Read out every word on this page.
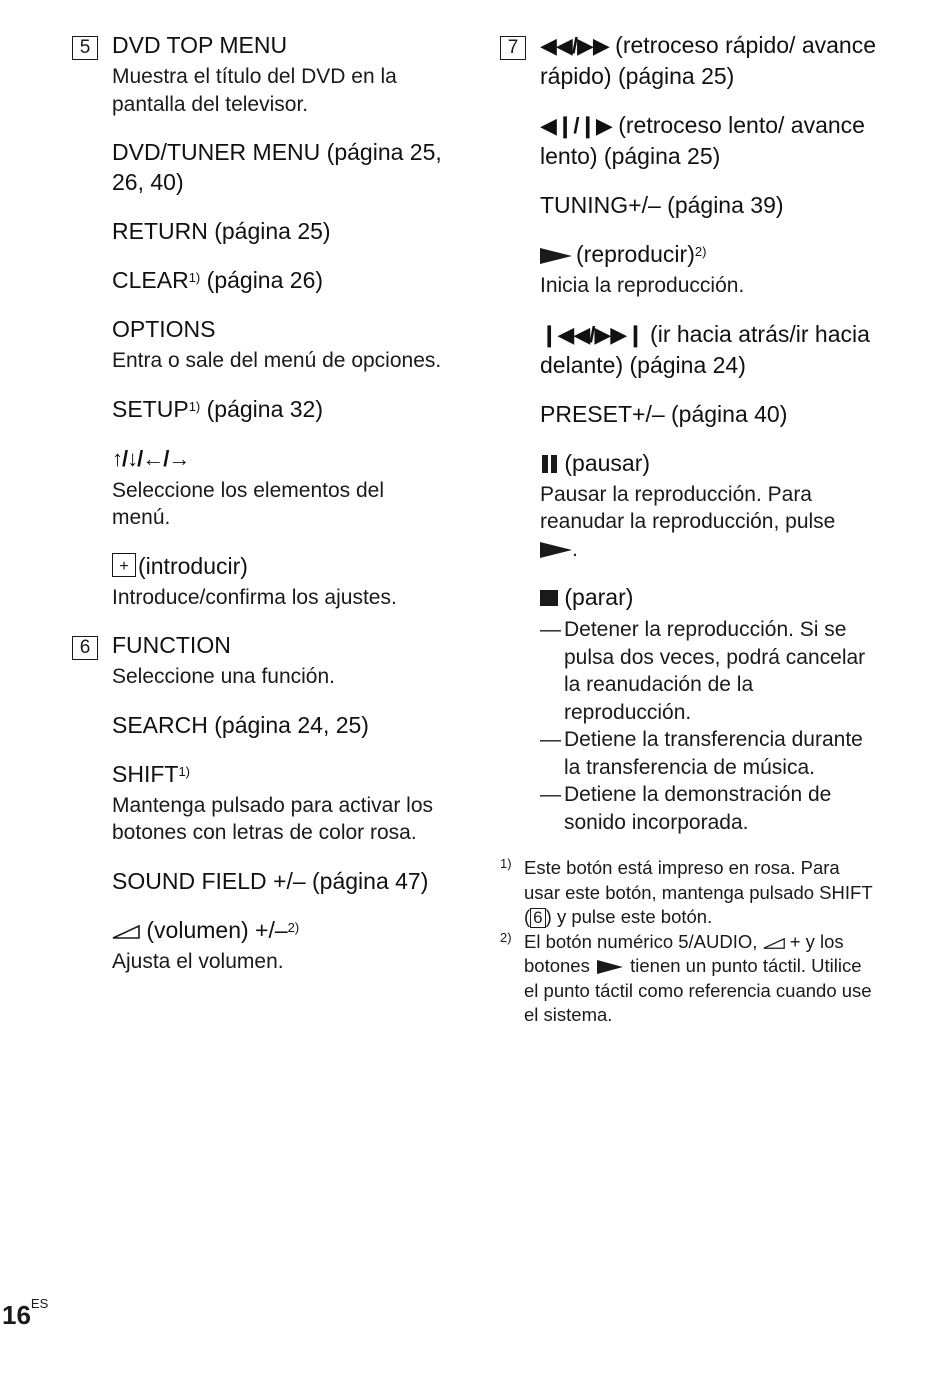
5 DVD TOP MENU
Muestra el título del DVD en la pantalla del televisor.
DVD/TUNER MENU (página 25, 26, 40)
RETURN (página 25)
CLEAR$^{1)}$ (página 26)
OPTIONS
Entra o sale del menú de opciones.
SETUP$^{1)}$ (página 32)
↑/↓/←/→
Seleccione los elementos del menú.
+(introducir)
Introduce/confirma los ajustes.
6 FUNCTION
Seleccione una función.
SEARCH (página 24, 25)
SHIFT$^{1)}$
Mantenga pulsado para activar los botones con letras de color rosa.
SOUND FIELD +/– (página 47)
(volumen) +/–$^{2)}$
Ajusta el volumen.
7 ◀◀/▶▶ (retroceso rápido/ avance rápido) (página 25)
◀❙/❙▶ (retroceso lento/ avance lento) (página 25)
TUNING+/– (página 39)
(reproducir)$^{2)}$
Inicia la reproducción.
❙◀◀/▶▶❙ (ir hacia atrás/ir hacia delante) (página 24)
PRESET+/– (página 40)
(pausar)
Pausar la reproducción. Para reanudar la reproducción, pulse
.
(parar)
— Detener la reproducción. Si se pulsa dos veces, podrá cancelar la reanudación de la reproducción.
— Detiene la transferencia durante la transferencia de música.
— Detiene la demonstración de sonido incorporada.
1) Este botón está impreso en rosa. Para usar este botón, mantenga pulsado SHIFT ( 6 ) y pulse este botón.
2) El botón numérico 5/AUDIO,  + y los botones  tienen un punto táctil. Utilice el punto táctil como referencia cuando use el sistema.
$16^{ES}$
